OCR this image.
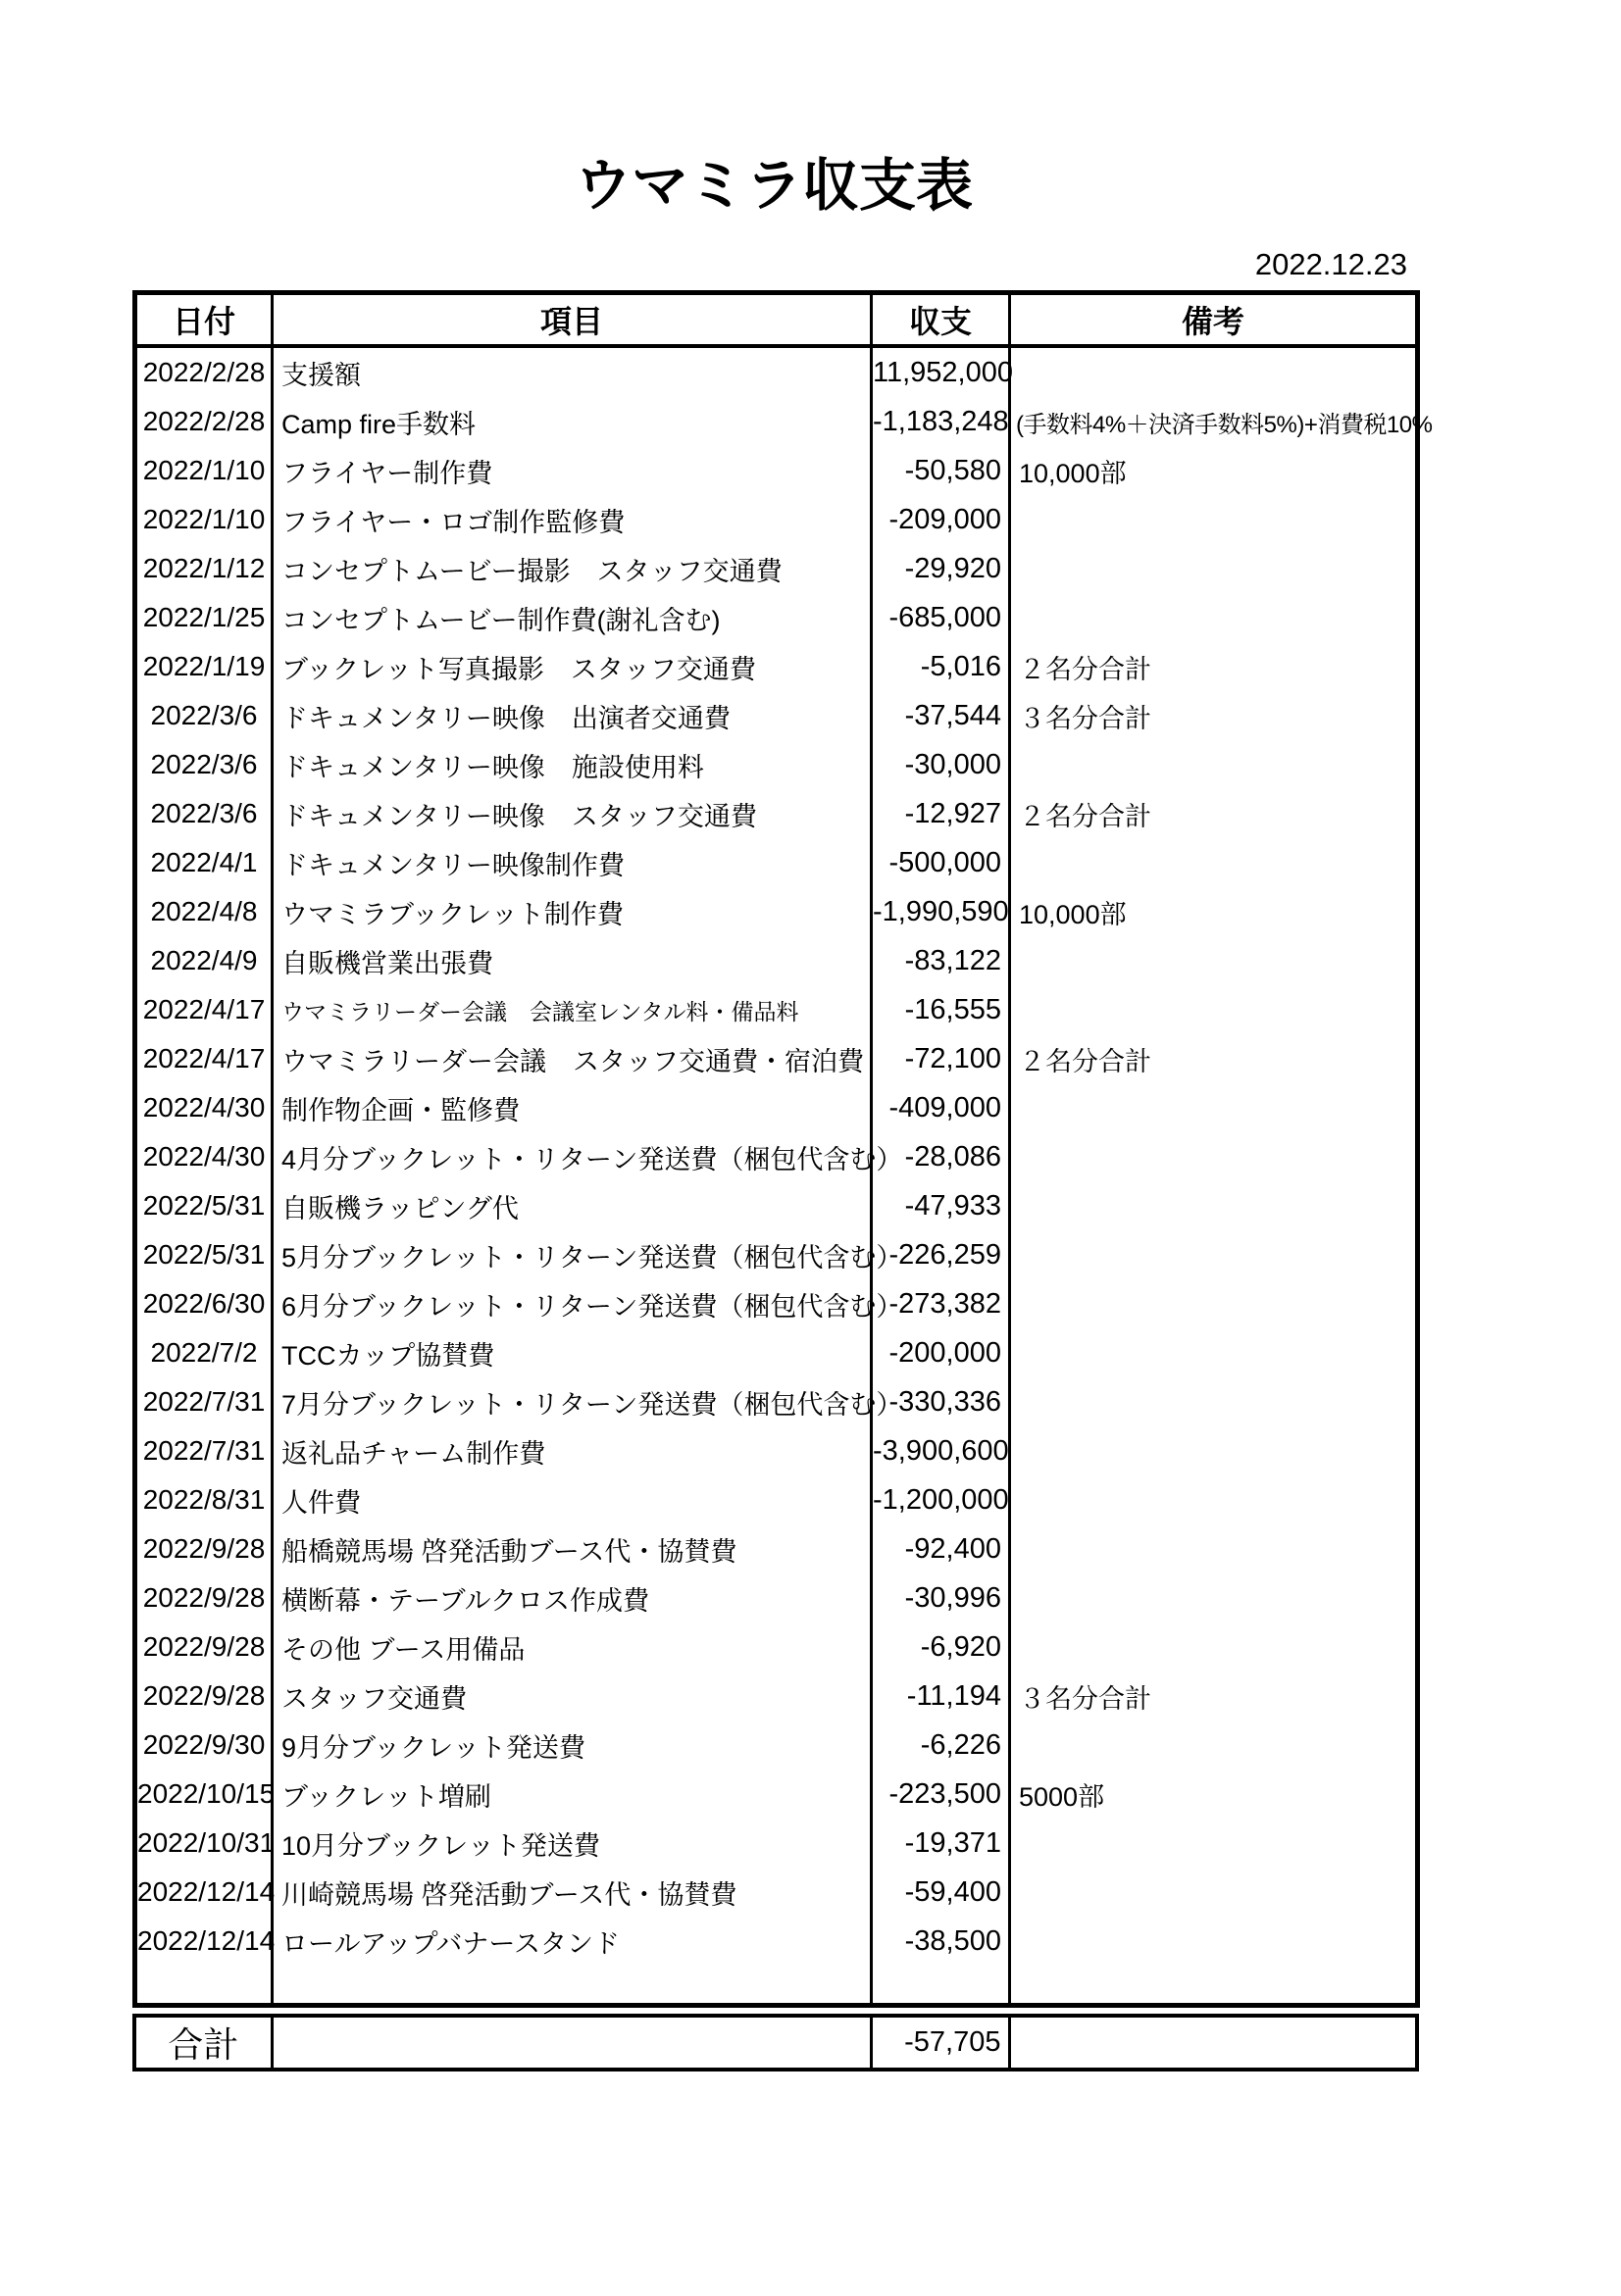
ウマミラ収支表
2022.12.23
日付	項目	収支	備考
2022/2/28	支援額	11,952,000	
2022/2/28	Camp fire手数料	-1,183,248	(手数料4%＋決済手数料5%)+消費税10%
2022/1/10	フライヤー制作費	-50,580	10,000部
2022/1/10	フライヤー・ロゴ制作監修費	-209,000	
2022/1/12	コンセプトムービー撮影　スタッフ交通費	-29,920	
2022/1/25	コンセプトムービー制作費(謝礼含む)	-685,000	
2022/1/19	ブックレット写真撮影　スタッフ交通費	-5,016	２名分合計
2022/3/6	ドキュメンタリー映像　出演者交通費	-37,544	３名分合計
2022/3/6	ドキュメンタリー映像　施設使用料	-30,000	
2022/3/6	ドキュメンタリー映像　スタッフ交通費	-12,927	２名分合計
2022/4/1	ドキュメンタリー映像制作費	-500,000	
2022/4/8	ウマミラブックレット制作費	-1,990,590	10,000部
2022/4/9	自販機営業出張費	-83,122	
2022/4/17	ウマミラリーダー会議　会議室レンタル料・備品料	-16,555	
2022/4/17	ウマミラリーダー会議　スタッフ交通費・宿泊費	-72,100	２名分合計
2022/4/30	制作物企画・監修費	-409,000	
2022/4/30	4月分ブックレット・リターン発送費（梱包代含む）	-28,086	
2022/5/31	自販機ラッピング代	-47,933	
2022/5/31	5月分ブックレット・リターン発送費（梱包代含む）	-226,259	
2022/6/30	6月分ブックレット・リターン発送費（梱包代含む）	-273,382	
2022/7/2	TCCカップ協賛費	-200,000	
2022/7/31	7月分ブックレット・リターン発送費（梱包代含む）	-330,336	
2022/7/31	返礼品チャーム制作費	-3,900,600	
2022/8/31	人件費	-1,200,000	
2022/9/28	船橋競馬場 啓発活動ブース代・協賛費	-92,400	
2022/9/28	横断幕・テーブルクロス作成費	-30,996	
2022/9/28	その他 ブース用備品	-6,920	
2022/9/28	スタッフ交通費	-11,194	３名分合計
2022/9/30	9月分ブックレット発送費	-6,226	
2022/10/15	ブックレット増刷	-223,500	5000部
2022/10/31	10月分ブックレット発送費	-19,371	
2022/12/14	川崎競馬場 啓発活動ブース代・協賛費	-59,400	
2022/12/14	ロールアップバナースタンド	-38,500	

合計		-57,705	
